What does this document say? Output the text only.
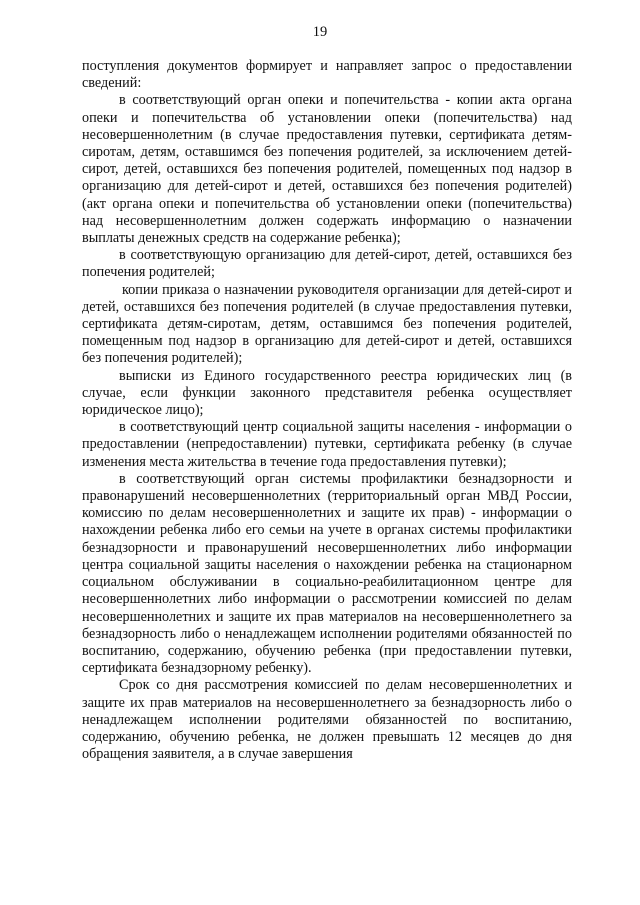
19

поступления документов формирует и направляет запрос о предоставлении сведений:

в соответствующий орган опеки и попечительства - копии акта органа опеки и попечительства об установлении опеки (попечительства) над несовершеннолетним (в случае предоставления путевки, сертификата детям-сиротам, детям, оставшимся без попечения родителей, за исключением детей-сирот, детей, оставшихся без попечения родителей, помещенных под надзор в организацию для детей-сирот и детей, оставшихся без попечения родителей) (акт органа опеки и попечительства об установлении опеки (попечительства) над несовершеннолетним должен содержать информацию о назначении выплаты денежных средств на содержание ребенка);

в соответствующую организацию для детей-сирот, детей, оставшихся без попечения родителей;

копии приказа о назначении руководителя организации для детей-сирот и детей, оставшихся без попечения родителей (в случае предоставления путевки, сертификата детям-сиротам, детям, оставшимся без попечения родителей, помещенным под надзор в организацию для детей-сирот и детей, оставшихся без попечения родителей);

выписки из Единого государственного реестра юридических лиц (в случае, если функции законного представителя ребенка осуществляет юридическое лицо);

в соответствующий центр социальной защиты населения - информации о предоставлении (непредоставлении) путевки, сертификата ребенку (в случае изменения места жительства в течение года предоставления путевки);

в соответствующий орган системы профилактики безнадзорности и правонарушений несовершеннолетних (территориальный орган МВД России, комиссию по делам несовершеннолетних и защите их прав) - информации о нахождении ребенка либо его семьи на учете в органах системы профилактики безнадзорности и правонарушений несовершеннолетних либо информации центра социальной защиты населения о нахождении ребенка на стационарном социальном обслуживании в социально-реабилитационном центре для несовершеннолетних либо информации о рассмотрении комиссией по делам несовершеннолетних и защите их прав материалов на несовершеннолетнего за безнадзорность либо о ненадлежащем исполнении родителями обязанностей по воспитанию, содержанию, обучению ребенка (при предоставлении путевки, сертификата безнадзорному ребенку).

Срок со дня рассмотрения комиссией по делам несовершеннолетних и защите их прав материалов на несовершеннолетнего за безнадзорность либо о ненадлежащем исполнении родителями обязанностей по воспитанию, содержанию, обучению ребенка, не должен превышать 12 месяцев до дня обращения заявителя, а в случае завершения
